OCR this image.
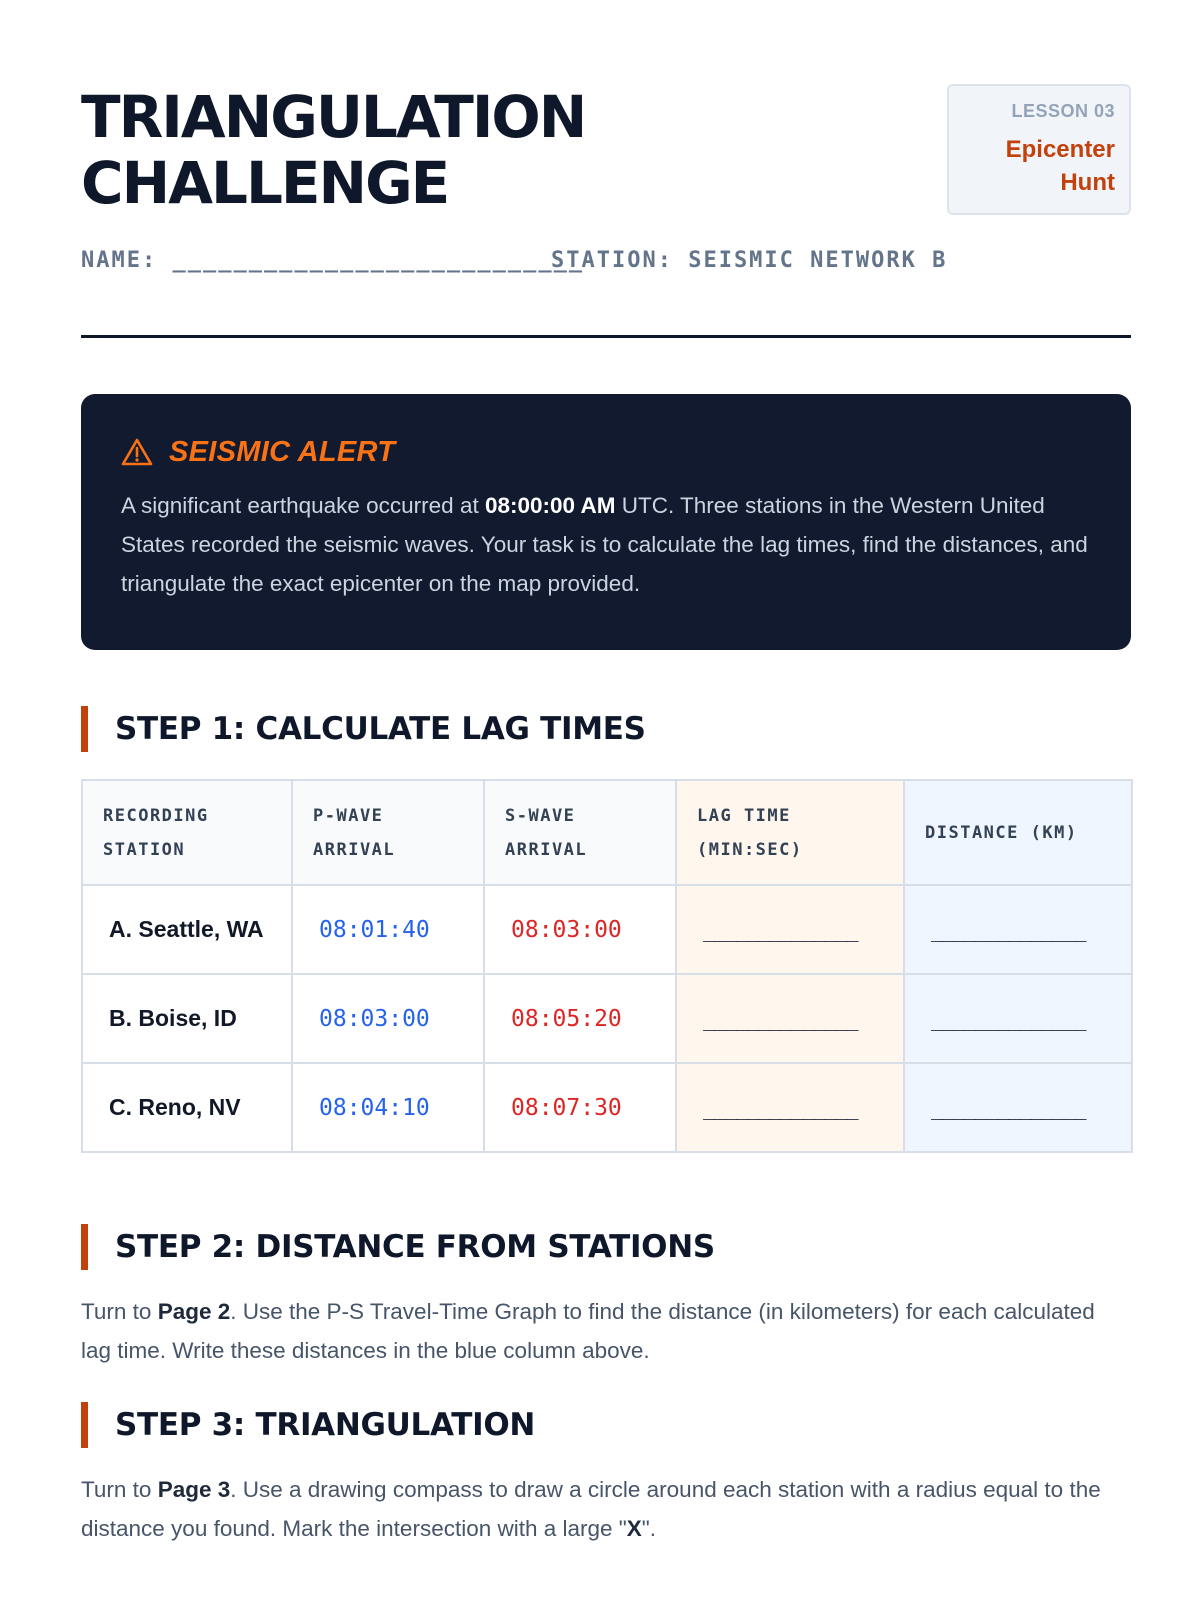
TRIANGULATION
CHALLENGE
LESSON 03
Epicenter Hunt
NAME: ___________________________
STATION: SEISMIC NETWORK B
SEISMIC ALERT
A significant earthquake occurred at 08:00:00 AM UTC. Three stations in the Western United States recorded the seismic waves. Your task is to calculate the lag times, find the distances, and triangulate the exact epicenter on the map provided.
STEP 1: CALCULATE LAG TIMES
RECORDING STATION	P-WAVE ARRIVAL	S-WAVE ARRIVAL	LAG TIME (MIN:SEC)	DISTANCE (KM)
A. Seattle, WA	08:01:40	08:03:00	______________	______________
B. Boise, ID	08:03:00	08:05:20	______________	______________
C. Reno, NV	08:04:10	08:07:30	______________	______________
STEP 2: DISTANCE FROM STATIONS
Turn to Page 2. Use the P-S Travel-Time Graph to find the distance (in kilometers) for each calculated lag time. Write these distances in the blue column above.
STEP 3: TRIANGULATION
Turn to Page 3. Use a drawing compass to draw a circle around each station with a radius equal to the distance you found. Mark the intersection with a large "X".
